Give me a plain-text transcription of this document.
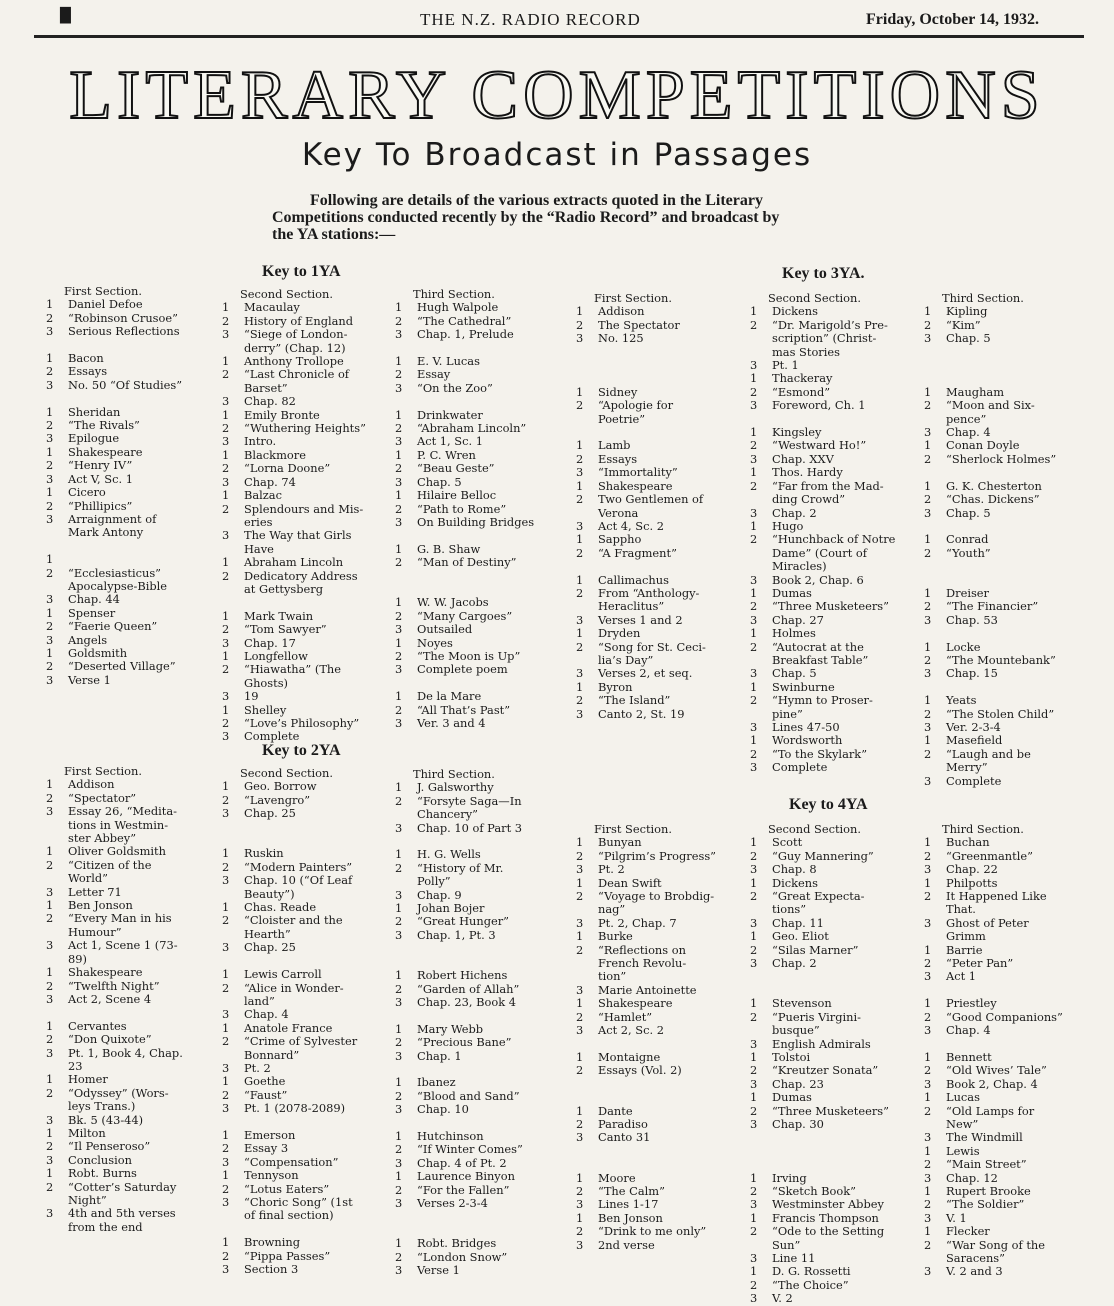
█	THE N.Z. RADIO RECORD	Friday, October 14, 1932.
LITERARY COMPETITIONS
Key To Broadcast in Passages
Following are details of the various extracts quoted in the Literary
Competitions conducted recently by the “Radio Record” and broadcast by
the YA stations:—
Key to 1YA
Key to 2YA
Key to 3YA.
Key to 4YA
First Section.
1	Daniel Defoe
2	“Robinson Crusoe”
3	Serious Reflections

1	Bacon
2	Essays
3	No. 50 “Of Studies”

1	Sheridan
2	“The Rivals”
3	Epilogue
1	Shakespeare
2	“Henry IV”
3	Act V, Sc. 1
1	Cicero
2	“Phillipics”
3	Arraignment of

Mark Antony

1

2	“Ecclesiasticus”

Apocalypse-Bible
3	Chap. 44
1	Spenser
2	“Faerie Queen”
3	Angels
1	Goldsmith
2	“Deserted Village”
3	Verse 1
Second Section.
1	Macaulay
2	History of England
3	“Siege of London-

derry” (Chap. 12)
1	Anthony Trollope
2	“Last Chronicle of

Barset”
3	Chap. 82
1	Emily Bronte
2	“Wuthering Heights”
3	Intro.
1	Blackmore
2	“Lorna Doone”
3	Chap. 74
1	Balzac
2	Splendours and Mis-

eries
3	The Way that Girls

Have
1	Abraham Lincoln
2	Dedicatory Address

at Gettysberg

1	Mark Twain
2	“Tom Sawyer”
3	Chap. 17
1	Longfellow
2	“Hiawatha” (The

Ghosts)
3	19
1	Shelley
2	“Love’s Philosophy”
3	Complete
Third Section.
1	Hugh Walpole
2	“The Cathedral”
3	Chap. 1, Prelude

1	E. V. Lucas
2	Essay
3	“On the Zoo”

1	Drinkwater
2	“Abraham Lincoln”
3	Act 1, Sc. 1
1	P. C. Wren
2	“Beau Geste”
3	Chap. 5
1	Hilaire Belloc
2	“Path to Rome”
3	On Building Bridges

1	G. B. Shaw
2	“Man of Destiny”

1	W. W. Jacobs
2	“Many Cargoes”
3	Outsailed
1	Noyes
2	“The Moon is Up”
3	Complete poem

1	De la Mare
2	“All That’s Past”
3	Ver. 3 and 4
First Section.
1	Addison
2	“Spectator”
3	Essay 26, “Medita-

tions in Westmin-

ster Abbey”
1	Oliver Goldsmith
2	“Citizen of the

World”
3	Letter 71
1	Ben Jonson
2	“Every Man in his

Humour”
3	Act 1, Scene 1 (73-

89)
1	Shakespeare
2	“Twelfth Night”
3	Act 2, Scene 4

1	Cervantes
2	“Don Quixote”
3	Pt. 1, Book 4, Chap.

23
1	Homer
2	“Odyssey” (Wors-

leys Trans.)
3	Bk. 5 (43-44)
1	Milton
2	“Il Penseroso”
3	Conclusion
1	Robt. Burns
2	“Cotter’s Saturday

Night”
3	4th and 5th verses

from the end
Second Section.
1	Geo. Borrow
2	“Lavengro”
3	Chap. 25

1	Ruskin
2	“Modern Painters”
3	Chap. 10 (“Of Leaf

Beauty”)
1	Chas. Reade
2	“Cloister and the

Hearth”
3	Chap. 25

1	Lewis Carroll
2	“Alice in Wonder-

land”
3	Chap. 4
1	Anatole France
2	“Crime of Sylvester

Bonnard”
3	Pt. 2
1	Goethe
2	“Faust”
3	Pt. 1 (2078-2089)

1	Emerson
2	Essay 3
3	“Compensation”
1	Tennyson
2	“Lotus Eaters”
3	“Choric Song” (1st

of final section)

1	Browning
2	“Pippa Passes”
3	Section 3
Third Section.
1	J. Galsworthy
2	“Forsyte Saga—In

Chancery”
3	Chap. 10 of Part 3

1	H. G. Wells
2	“History of Mr.

Polly”
3	Chap. 9
1	Johan Bojer
2	“Great Hunger”
3	Chap. 1, Pt. 3

1	Robert Hichens
2	“Garden of Allah”
3	Chap. 23, Book 4

1	Mary Webb
2	“Precious Bane”
3	Chap. 1

1	Ibanez
2	“Blood and Sand”
3	Chap. 10

1	Hutchinson
2	“If Winter Comes”
3	Chap. 4 of Pt. 2
1	Laurence Binyon
2	“For the Fallen”
3	Verses 2-3-4

1	Robt. Bridges
2	“London Snow”
3	Verse 1
First Section.
1	Addison
2	The Spectator
3	No. 125

1	Sidney
2	“Apologie for

Poetrie”

1	Lamb
2	Essays
3	“Immortality”
1	Shakespeare
2	Two Gentlemen of

Verona
3	Act 4, Sc. 2
1	Sappho
2	“A Fragment”

1	Callimachus
2	From “Anthology-

Heraclitus”
3	Verses 1 and 2
1	Dryden
2	“Song for St. Ceci-

lia’s Day”
3	Verses 2, et seq.
1	Byron
2	“The Island”
3	Canto 2, St. 19
Second Section.
1	Dickens
2	“Dr. Marigold’s Pre-

scription” (Christ-

mas Stories
3	Pt. 1
1	Thackeray
2	“Esmond”
3	Foreword, Ch. 1

1	Kingsley
2	“Westward Ho!”
3	Chap. XXV
1	Thos. Hardy
2	“Far from the Mad-

ding Crowd”
3	Chap. 2
1	Hugo
2	“Hunchback of Notre

Dame” (Court of

Miracles)
3	Book 2, Chap. 6
1	Dumas
2	“Three Musketeers”
3	Chap. 27
1	Holmes
2	“Autocrat at the

Breakfast Table”
3	Chap. 5
1	Swinburne
2	“Hymn to Proser-

pine”
3	Lines 47-50
1	Wordsworth
2	“To the Skylark”
3	Complete
Third Section.
1	Kipling
2	“Kim”
3	Chap. 5

1	Maugham
2	“Moon and Six-

pence”
3	Chap. 4
1	Conan Doyle
2	“Sherlock Holmes”

1	G. K. Chesterton
2	“Chas. Dickens”
3	Chap. 5

1	Conrad
2	“Youth”

1	Dreiser
2	“The Financier”
3	Chap. 53

1	Locke
2	“The Mountebank”
3	Chap. 15

1	Yeats
2	“The Stolen Child”
3	Ver. 2-3-4
1	Masefield
2	“Laugh and be

Merry”
3	Complete
First Section.
1	Bunyan
2	“Pilgrim’s Progress”
3	Pt. 2
1	Dean Swift
2	“Voyage to Brobdig-

nag”
3	Pt. 2, Chap. 7
1	Burke
2	“Reflections on

French Revolu-

tion”
3	Marie Antoinette
1	Shakespeare
2	“Hamlet”
3	Act 2, Sc. 2

1	Montaigne
2	Essays (Vol. 2)

1	Dante
2	Paradiso
3	Canto 31

1	Moore
2	“The Calm”
3	Lines 1-17
1	Ben Jonson
2	“Drink to me only”
3	2nd verse
Second Section.
1	Scott
2	“Guy Mannering”
3	Chap. 8
1	Dickens
2	“Great Expecta-

tions”
3	Chap. 11
1	Geo. Eliot
2	“Silas Marner”
3	Chap. 2

1	Stevenson
2	“Pueris Virgini-

busque”
3	English Admirals
1	Tolstoi
2	“Kreutzer Sonata”
3	Chap. 23
1	Dumas
2	“Three Musketeers”
3	Chap. 30

1	Irving
2	“Sketch Book”
3	Westminster Abbey
1	Francis Thompson
2	“Ode to the Setting

Sun”
3	Line 11
1	D. G. Rossetti
2	“The Choice”
3	V. 2
Third Section.
1	Buchan
2	“Greenmantle”
3	Chap. 22
1	Philpotts
2	It Happened Like

That.
3	Ghost of Peter

Grimm
1	Barrie
2	“Peter Pan”
3	Act 1

1	Priestley
2	“Good Companions”
3	Chap. 4

1	Bennett
2	“Old Wives’ Tale”
3	Book 2, Chap. 4
1	Lucas
2	“Old Lamps for

New”
3	The Windmill
1	Lewis
2	“Main Street”
3	Chap. 12
1	Rupert Brooke
2	“The Soldier”
3	V. 1
1	Flecker
2	“War Song of the

Saracens”
3	V. 2 and 3
